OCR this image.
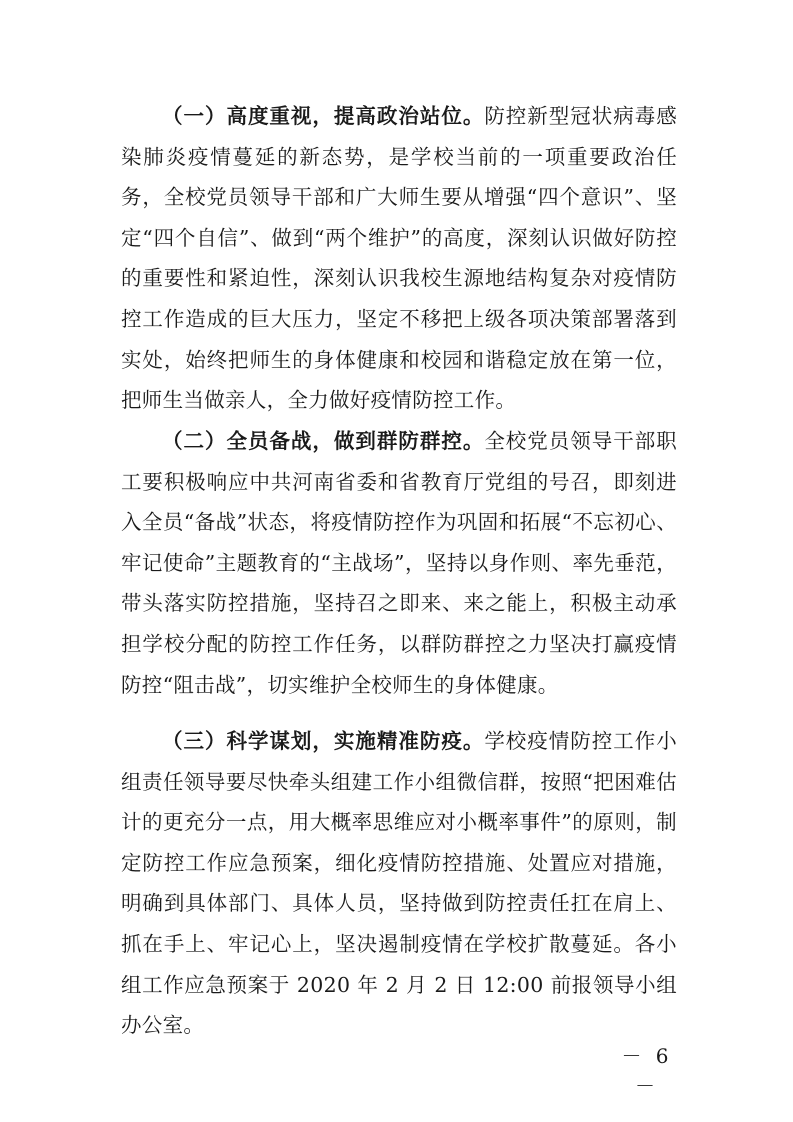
（一）高度重视，提高政治站位。防控新型冠状病毒感染肺炎疫情蔓延的新态势，是学校当前的一项重要政治任务，全校党员领导干部和广大师生要从增强“四个意识”、坚定“四个自信”、做到“两个维护”的高度，深刻认识做好防控的重要性和紧迫性，深刻认识我校生源地结构复杂对疫情防控工作造成的巨大压力，坚定不移把上级各项决策部署落到实处，始终把师生的身体健康和校园和谐稳定放在第一位，把师生当做亲人，全力做好疫情防控工作。

（二）全员备战，做到群防群控。全校党员领导干部职工要积极响应中共河南省委和省教育厅党组的号召，即刻进入全员“备战”状态，将疫情防控作为巩固和拓展“不忘初心、牢记使命”主题教育的“主战场”，坚持以身作则、率先垂范，带头落实防控措施，坚持召之即来、来之能上，积极主动承担学校分配的防控工作任务，以群防群控之力坚决打赢疫情防控“阻击战”，切实维护全校师生的身体健康。

（三）科学谋划，实施精准防疫。学校疫情防控工作小组责任领导要尽快牵头组建工作小组微信群，按照“把困难估计的更充分一点，用大概率思维应对小概率事件”的原则，制定防控工作应急预案，细化疫情防控措施、处置应对措施，明确到具体部门、具体人员，坚持做到防控责任扛在肩上、抓在手上、牢记心上，坚决遏制疫情在学校扩散蔓延。各小组工作应急预案于 2020 年 2 月 2 日 12:00 前报领导小组办公室。

－ 6 －
